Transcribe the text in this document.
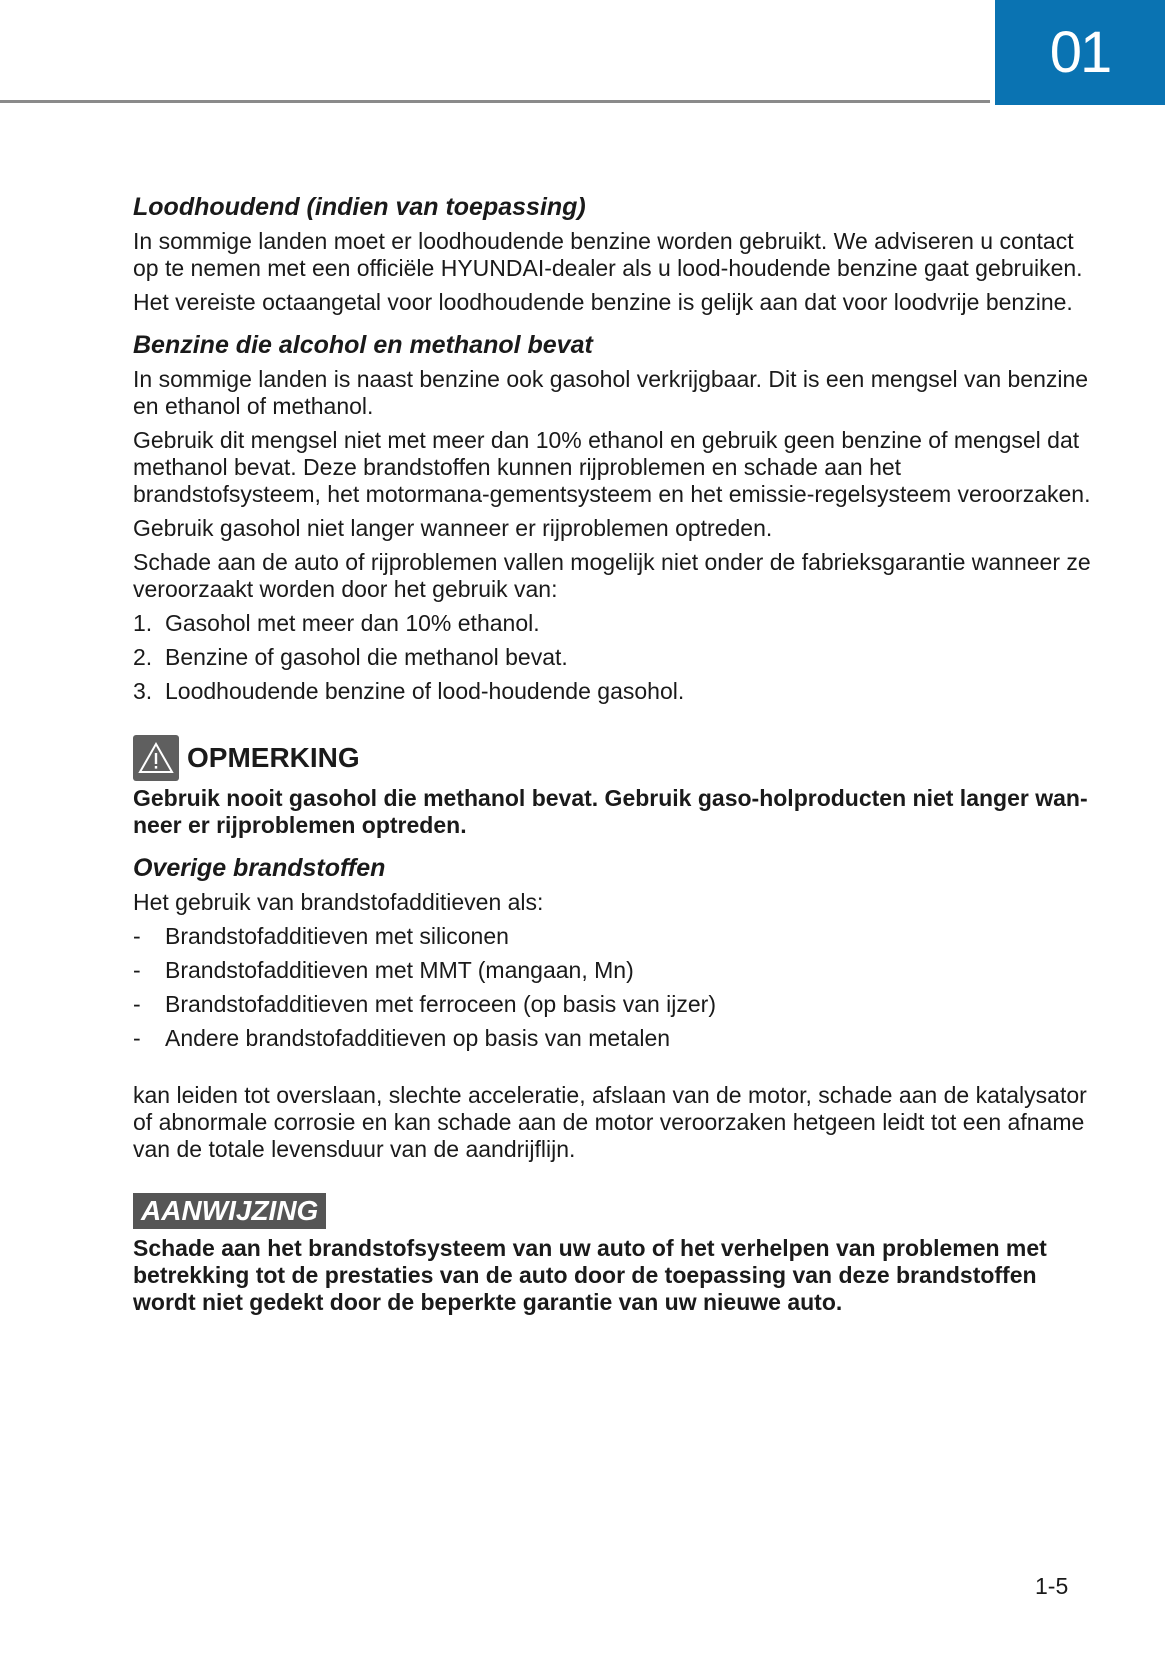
01
Loodhoudend (indien van toepassing)

In sommige landen moet er loodhoudende benzine worden gebruikt. We adviseren u contact op te nemen met een officiële HYUNDAI-dealer als u lood-houdende benzine gaat gebruiken.

Het vereiste octaangetal voor loodhoudende benzine is gelijk aan dat voor loodvrije benzine.

Benzine die alcohol en methanol bevat

In sommige landen is naast benzine ook gasohol verkrijgbaar. Dit is een mengsel van benzine en ethanol of methanol.

Gebruik dit mengsel niet met meer dan 10% ethanol en gebruik geen benzine of mengsel dat methanol bevat. Deze brandstoffen kunnen rijproblemen en schade aan het brandstofsysteem, het motormana-gementsysteem en het emissie-regelsysteem veroorzaken.

Gebruik gasohol niet langer wanneer er rijproblemen optreden.

Schade aan de auto of rijproblemen vallen mogelijk niet onder de fabrieksgarantie wanneer ze veroorzaakt worden door het gebruik van:

1. Gasohol met meer dan 10% ethanol.
2. Benzine of gasohol die methanol bevat.
3. Loodhoudende benzine of lood-houdende gasohol.
OPMERKING

Gebruik nooit gasohol die methanol bevat. Gebruik gaso-holproducten niet langer wan-neer er rijproblemen optreden.

Overige brandstoffen

Het gebruik van brandstofadditieven als:

- Brandstofadditieven met siliconen
- Brandstofadditieven met MMT (mangaan, Mn)
- Brandstofadditieven met ferroceen (op basis van ijzer)
- Andere brandstofadditieven op basis van metalen

kan leiden tot overslaan, slechte acceleratie, afslaan van de motor, schade aan de katalysator of abnormale corrosie en kan schade aan de motor veroorzaken hetgeen leidt tot een afname van de totale levensduur van de aandrijflijn.

AANWIJZING

Schade aan het brandstofsysteem van uw auto of het verhelpen van problemen met betrekking tot de prestaties van de auto door de toepassing van deze brandstoffen wordt niet gedekt door de beperkte garantie van uw nieuwe auto.

1-5
